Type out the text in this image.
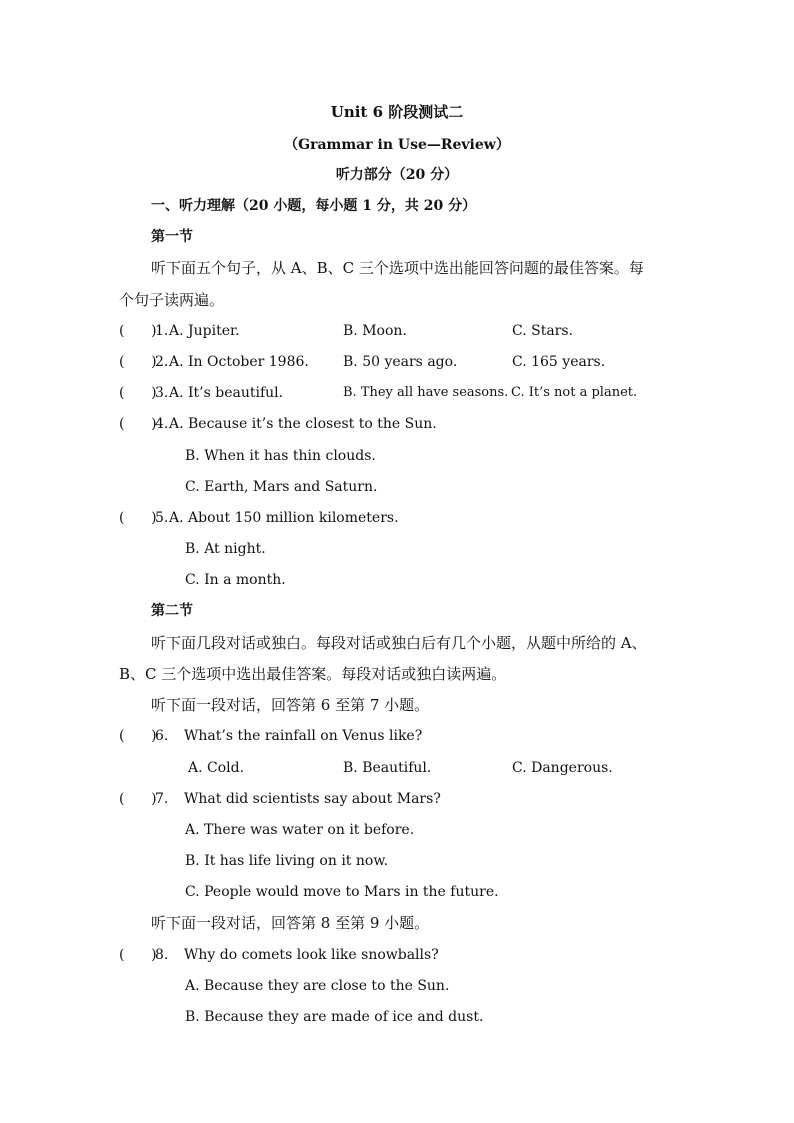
Unit 6 阶段测试二
（Grammar in Use—Review）
听力部分（20 分）
一、听力理解（20 小题，每小题 1 分，共 20 分）
第一节
听下面五个句子，从 A、B、C 三个选项中选出能回答问题的最佳答案。每
个句子读两遍。
(      )
1. A. Jupiter.	B. Moon.	C. Stars.
(      )
2. A. In October 1986. B. 50 years ago.	C. 165 years.
(      )
3. A. It’s beautiful.	B. They all have seasons. C. It’s not a planet.
(      )
4. A. Because it’s the closest to the Sun.
B. When it has thin clouds.
C. Earth, Mars and Saturn.
(      )
5. A. About 150 million kilometers.
B. At night.
C. In a month.
第二节
听下面几段对话或独白。每段对话或独白后有几个小题，从题中所给的 A、
B、C 三个选项中选出最佳答案。每段对话或独白读两遍。
听下面一段对话，回答第 6 至第 7 小题。
(      )
6. What’s the rainfall on Venus like?
A. Cold.	B. Beautiful.	C. Dangerous.
(      )
7. What did scientists say about Mars?
A. There was water on it before.
B. It has life living on it now.
C. People would move to Mars in the future.
听下面一段对话，回答第 8 至第 9 小题。
(      )
8. Why do comets look like snowballs?
A. Because they are close to the Sun.
B. Because they are made of ice and dust.
